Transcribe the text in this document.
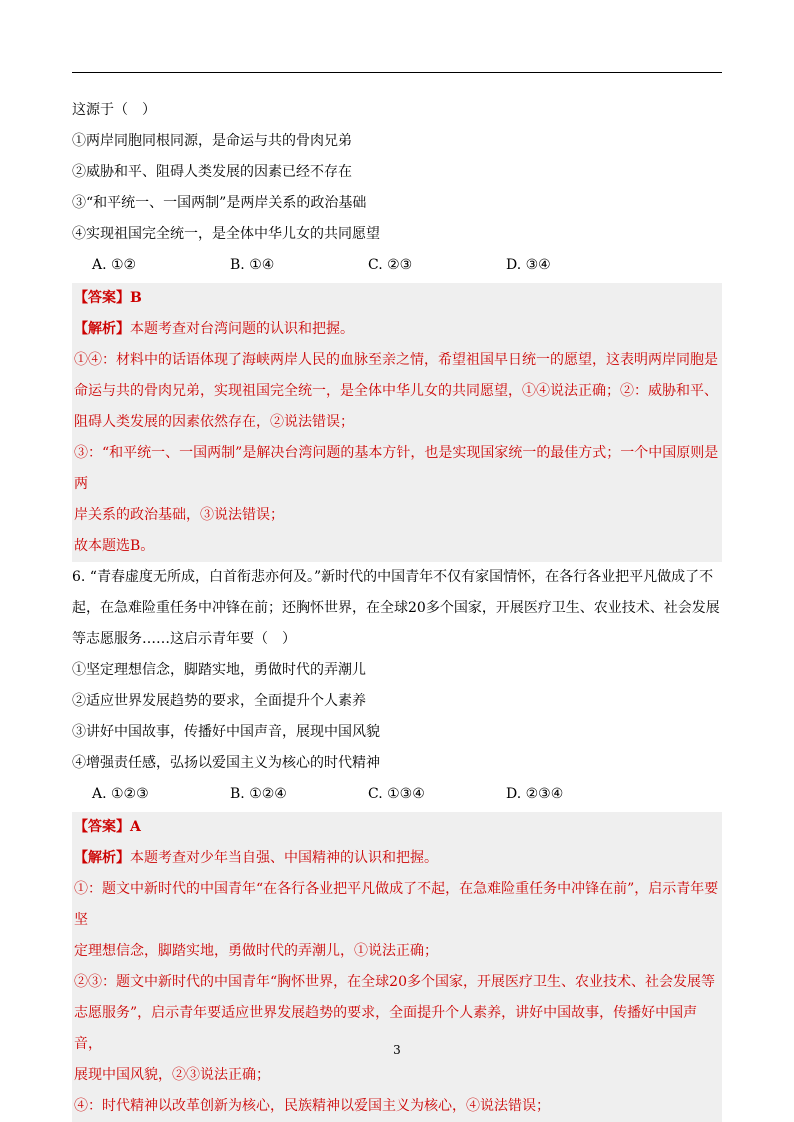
这源于（　）
①两岸同胞同根同源，是命运与共的骨肉兄弟
②威胁和平、阻碍人类发展的因素已经不存在
③“和平统一、一国两制”是两岸关系的政治基础
④实现祖国完全统一，是全体中华儿女的共同愿望
A. ①②	B. ①④	C. ②③	D. ③④
【答案】B
【解析】本题考查对台湾问题的认识和把握。
①④：材料中的话语体现了海峡两岸人民的血脉至亲之情，希望祖国早日统一的愿望，这表明两岸同胞是
命运与共的骨肉兄弟，实现祖国完全统一，是全体中华儿女的共同愿望，①④说法正确；②：威胁和平、
阻碍人类发展的因素依然存在，②说法错误；
③：“和平统一、一国两制”是解决台湾问题的基本方针，也是实现国家统一的最佳方式；一个中国原则是两
岸关系的政治基础，③说法错误；
故本题选B。
6. “青春虚度无所成，白首衔悲亦何及。”新时代的中国青年不仅有家国情怀，在各行各业把平凡做成了不
起，在急难险重任务中冲锋在前；还胸怀世界，在全球20多个国家，开展医疗卫生、农业技术、社会发展
等志愿服务……这启示青年要（　）
①坚定理想信念，脚踏实地，勇做时代的弄潮儿
②适应世界发展趋势的要求，全面提升个人素养
③讲好中国故事，传播好中国声音，展现中国风貌
④增强责任感，弘扬以爱国主义为核心的时代精神
A. ①②③	B. ①②④	C. ①③④	D. ②③④
【答案】A
【解析】本题考查对少年当自强、中国精神的认识和把握。
①：题文中新时代的中国青年“在各行各业把平凡做成了不起，在急难险重任务中冲锋在前”，启示青年要坚
定理想信念，脚踏实地，勇做时代的弄潮儿，①说法正确；
②③：题文中新时代的中国青年“胸怀世界，在全球20多个国家，开展医疗卫生、农业技术、社会发展等
志愿服务”，启示青年要适应世界发展趋势的要求，全面提升个人素养，讲好中国故事，传播好中国声音，
展现中国风貌，②③说法正确；
④：时代精神以改革创新为核心，民族精神以爱国主义为核心，④说法错误；
3
